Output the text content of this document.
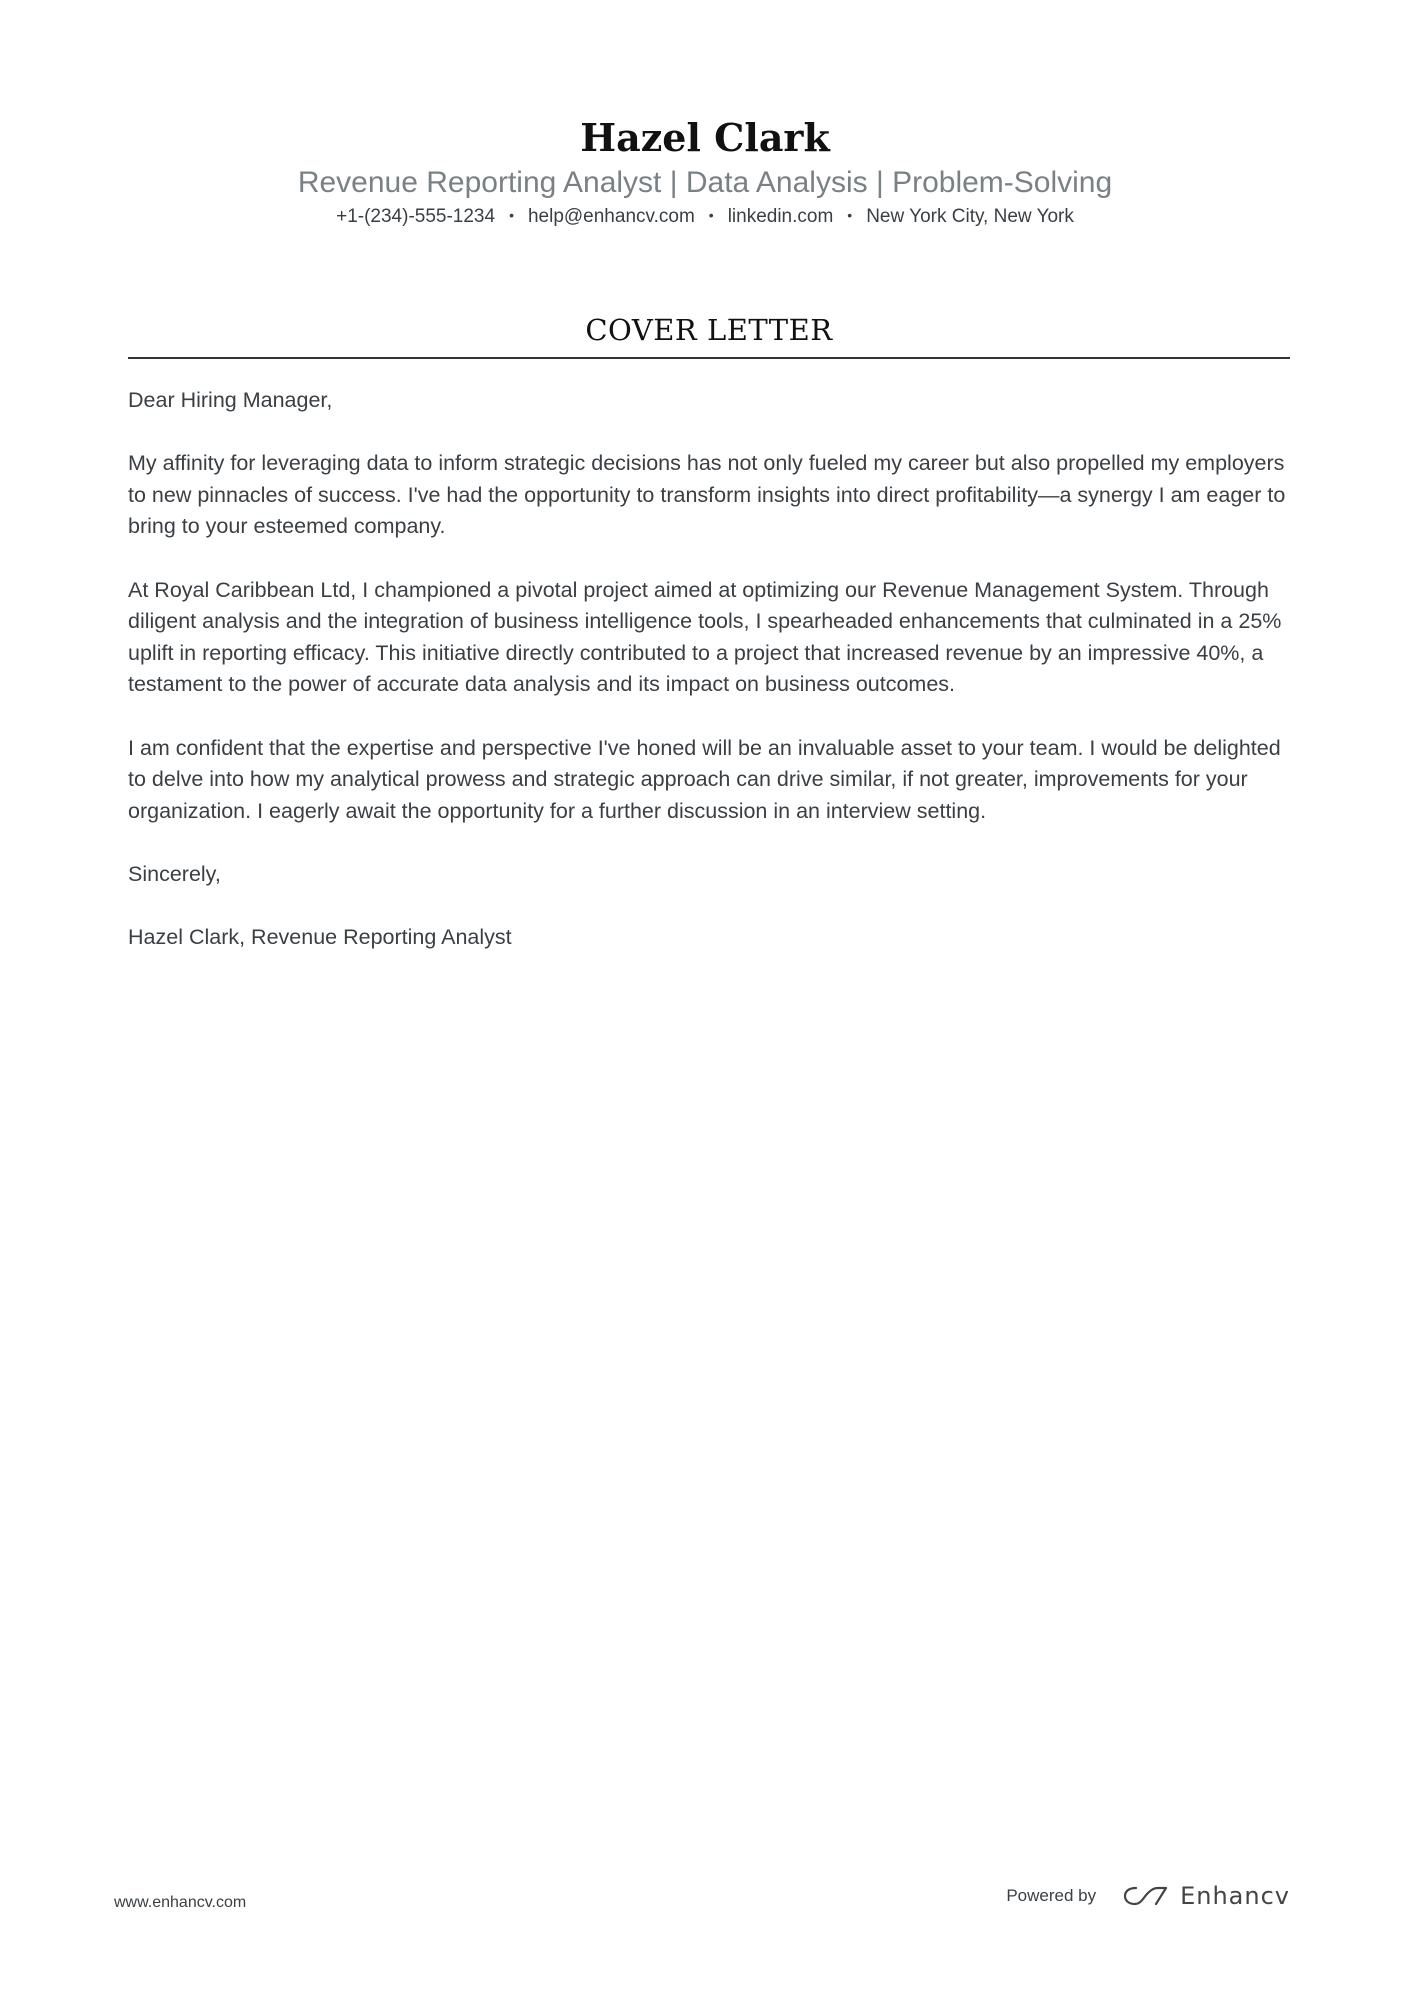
Hazel Clark
Revenue Reporting Analyst | Data Analysis | Problem-Solving
+1-(234)-555-1234 • help@enhancv.com • linkedin.com • New York City, New York
COVER LETTER

Dear Hiring Manager,

My affinity for leveraging data to inform strategic decisions has not only fueled my career but also propelled my employers to new pinnacles of success. I've had the opportunity to transform insights into direct profitability—a synergy I am eager to bring to your esteemed company.

At Royal Caribbean Ltd, I championed a pivotal project aimed at optimizing our Revenue Management System. Through diligent analysis and the integration of business intelligence tools, I spearheaded enhancements that culminated in a 25% uplift in reporting efficacy. This initiative directly contributed to a project that increased revenue by an impressive 40%, a testament to the power of accurate data analysis and its impact on business outcomes.

I am confident that the expertise and perspective I've honed will be an invaluable asset to your team. I would be delighted to delve into how my analytical prowess and strategic approach can drive similar, if not greater, improvements for your organization. I eagerly await the opportunity for a further discussion in an interview setting.

Sincerely,

Hazel Clark, Revenue Reporting Analyst

www.enhancv.com	Powered by	Enhancv
